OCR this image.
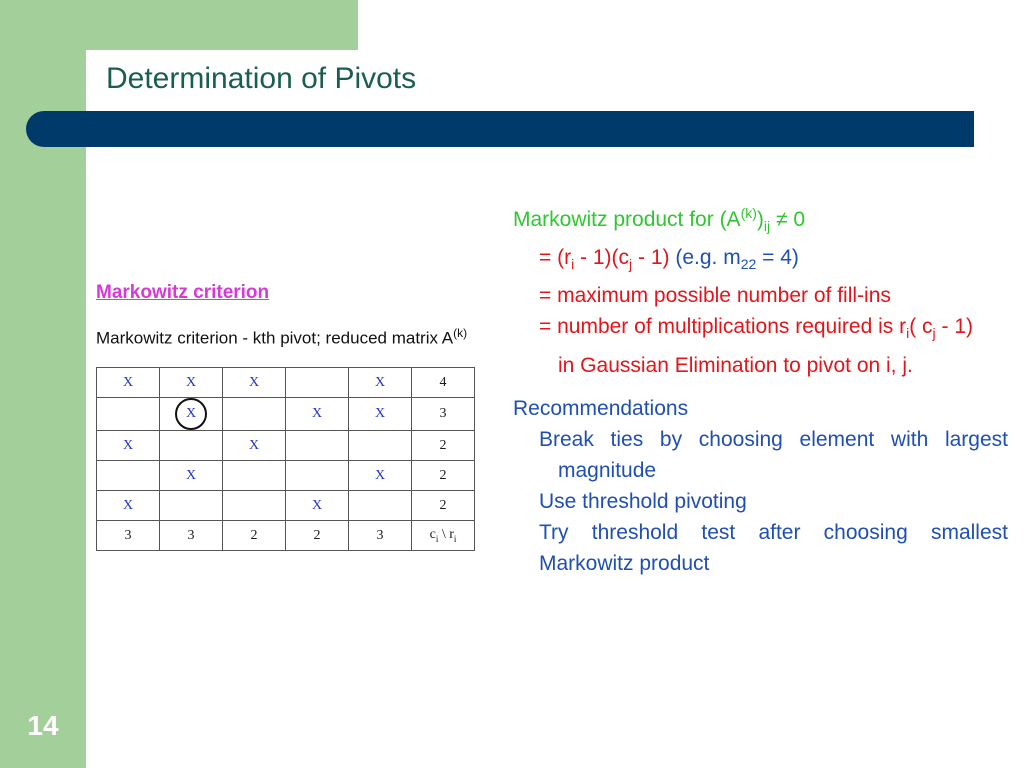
Determination of Pivots
14
Markowitz criterion
Markowitz criterion - kth pivot; reduced matrix $A^{(k)}$
X	X	X		X	4
	X		X	X	3
X		X			2
	X			X	2
X			X		2
3	3	2	2	3	$c_i$ \ $r_i$

Markowitz product for $(A^{(k)})_{ij} \ne 0$

= $(r_i - 1)(c_j - 1)$ (e.g. $m_{22} = 4$)

= maximum possible number of fill-ins

= number of multiplications required is $r_i$( $c_j - 1$)

in Gaussian Elimination to pivot on i, j.

Recommendations

Break ties by choosing element with largest

magnitude

Use threshold pivoting

Try threshold test after choosing smallest

Markowitz product
